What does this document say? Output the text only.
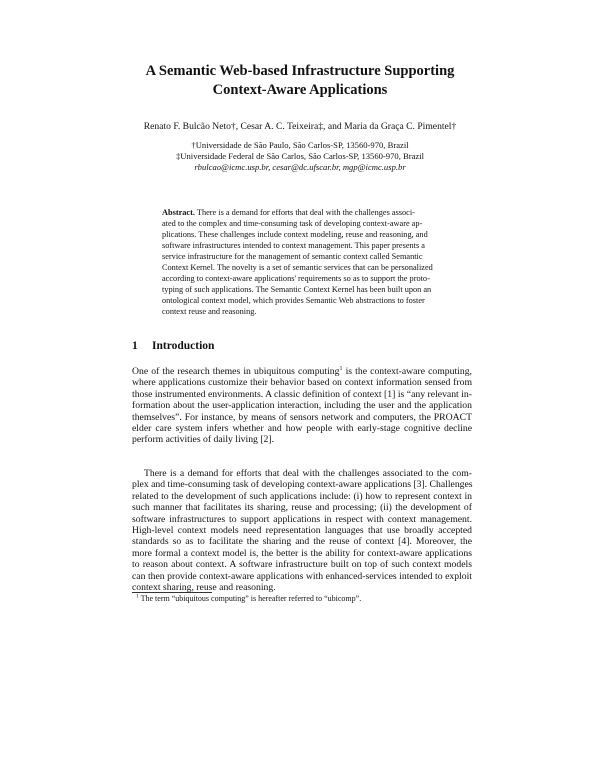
A Semantic Web-based Infrastructure Supporting
Context-Aware Applications
Renato F. Bulcão Neto†, Cesar A. C. Teixeira‡, and Maria da Graça C. Pimentel†
†Universidade de São Paulo, São Carlos-SP, 13560-970, Brazil
‡Universidade Federal de São Carlos, São Carlos-SP, 13560-970, Brazil
rbulcao@icmc.usp.br, cesar@dc.ufscar.br, mgp@icmc.usp.br
Abstract. There is a demand for efforts that deal with the challenges associ-
ated to the complex and time-consuming task of developing context-aware ap-
plications. These challenges include context modeling, reuse and reasoning, and
software infrastructures intended to context management. This paper presents a
service infrastructure for the management of semantic context called Semantic
Context Kernel. The novelty is a set of semantic services that can be personalized
according to context-aware applications' requirements so as to support the proto-
typing of such applications. The Semantic Context Kernel has been built upon an
ontological context model, which provides Semantic Web abstractions to foster
context reuse and reasoning.
1 Introduction
One of the research themes in ubiquitous computing$^1$ is the context-aware computing,
where applications customize their behavior based on context information sensed from
those instrumented environments. A classic definition of context [1] is “any relevant in-
formation about the user-application interaction, including the user and the application
themselves”. For instance, by means of sensors network and computers, the PROACT
elder care system infers whether and how people with early-stage cognitive decline
perform activities of daily living [2].
There is a demand for efforts that deal with the challenges associated to the com-
plex and time-consuming task of developing context-aware applications [3]. Challenges
related to the development of such applications include: (i) how to represent context in
such manner that facilitates its sharing, reuse and processing; (ii) the development of
software infrastructures to support applications in respect with context management.
High-level context models need representation languages that use broadly accepted
standards so as to facilitate the sharing and the reuse of context [4]. Moreover, the
more formal a context model is, the better is the ability for context-aware applications
to reason about context. A software infrastructure built on top of such context models
can then provide context-aware applications with enhanced-services intended to exploit
context sharing, reuse and reasoning.
$^1$ The term “ubiquitous computing” is hereafter referred to “ubicomp”.
